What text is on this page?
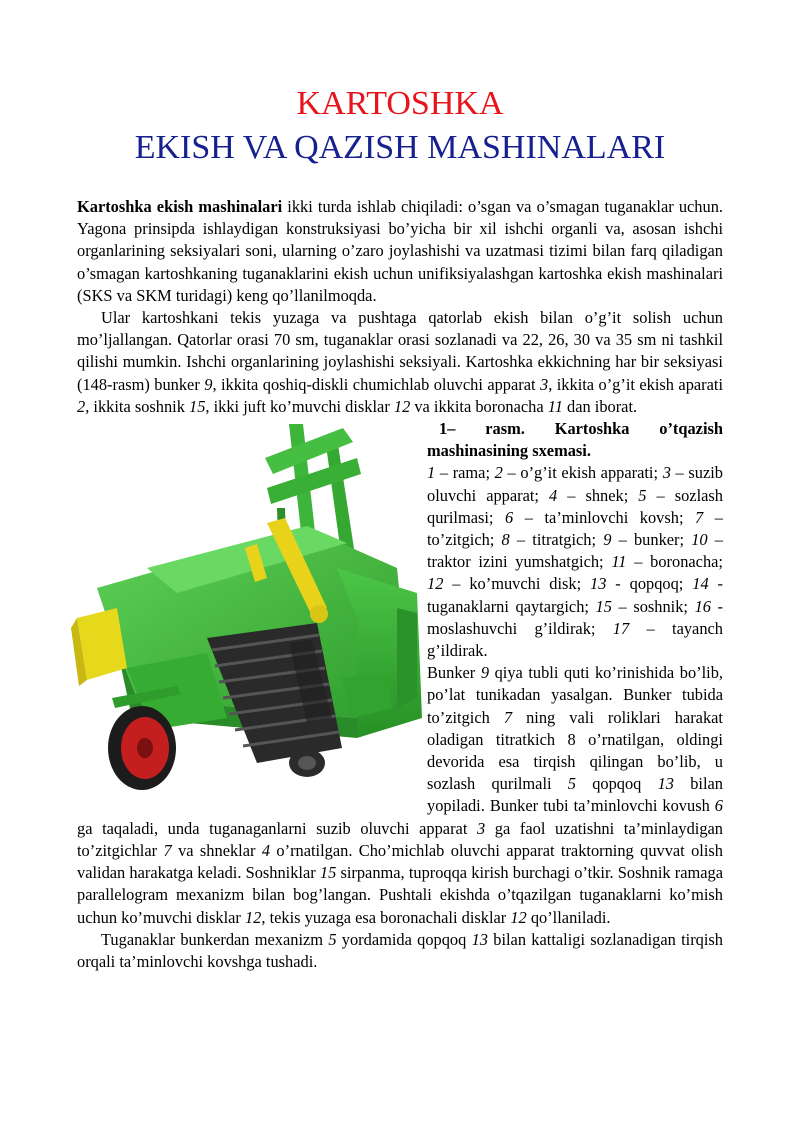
KARTOSHKA
EKISH VA QAZISH MASHINALARI

Kartoshka ekish mashinalari ikki turda ishlab chiqiladi: o’sgan va o’smagan tuganaklar uchun. Yagona prinsipda ishlaydigan konstruksiyasi bo’yicha bir xil ishchi organli va, asosan ishchi organlarining seksiyalari soni, ularning o’zaro joylashishi va uzatmasi tizimi bilan farq qiladigan o’smagan kartoshkaning tuganaklarini ekish uchun unifiksiyalashgan kartoshka ekish mashinalari (SKS va SKM turidagi) keng qo’llanilmoqda.

Ular kartoshkani tekis yuzaga va pushtaga qatorlab ekish bilan o’g’it solish uchun mo’ljallangan. Qatorlar orasi 70 sm, tuganaklar orasi sozlanadi va 22, 26, 30 va 35 sm ni tashkil qilishi mumkin. Ishchi organlarining joylashishi seksiyali. Kartoshka ekkichning har bir seksiyasi (148-rasm) bunker 9, ikkita qoshiq-diskli chumichlab oluvchi apparat 3, ikkita o’g’it ekish aparati 2, ikkita soshnik 15, ikki juft ko’muvchi disklar 12 va ikkita boronacha 11 dan iborat.

1– rasm. Kartoshka o’tqazish mashinasining sxemasi.
1 – rama; 2 – o’g’it ekish apparati; 3 – suzib oluvchi apparat; 4 – shnek; 5 – sozlash qurilmasi; 6 – ta’minlovchi kovsh; 7 – to’zitgich; 8 – titratgich; 9 – bunker; 10 – traktor izini yumshatgich; 11 – boronacha; 12 – ko’muvchi disk; 13 - qopqoq; 14 - tuganaklarni qaytargich; 15 – soshnik; 16 - moslashuvchi g’ildirak; 17 – tayanch g’ildirak.

Bunker 9 qiya tubli quti ko’rinishida bo’lib, po’lat tunikadan yasalgan. Bunker tubida to’zitgich 7 ning vali roliklari harakat oladigan titratkich 8 o’rnatilgan, oldingi devorida esa tirqish qilingan bo’lib, u sozlash qurilmali 5 qopqoq 13 bilan yopiladi. Bunker tubi ta’minlovchi kovush 6 ga taqaladi, unda tuganaganlarni suzib oluvchi apparat 3 ga faol uzatishni ta’minlaydigan to’zitgichlar 7 va shneklar 4 o’rnatilgan. Cho’michlab oluvchi apparat traktorning quvvat olish validan harakatga keladi. Soshniklar 15 sirpanma, tuproqqa kirish burchagi o’tkir. Soshnik ramaga parallelogram mexanizm bilan bog’langan. Pushtali ekishda o’tqazilgan tuganaklarni ko’mish uchun ko’muvchi disklar 12, tekis yuzaga esa boronachali disklar 12 qo’llaniladi.

Tuganaklar bunkerdan mexanizm 5 yordamida qopqoq 13 bilan kattaligi sozlanadigan tirqish orqali ta’minlovchi kovshga tushadi.
